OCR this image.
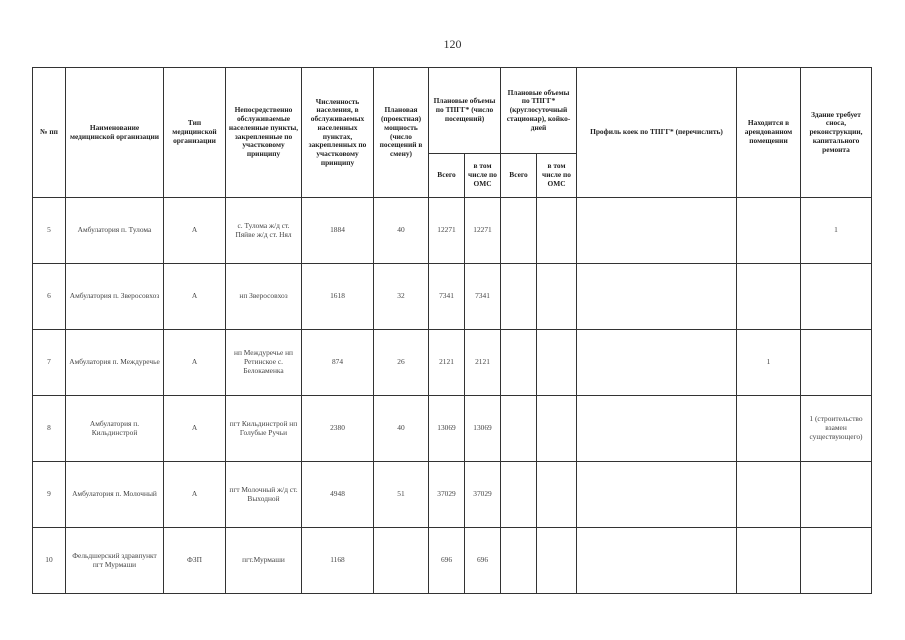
120
№ пп	Наименование медицинской организации	Тип медицинской организации	Непосредственно обслуживаемые населенные пункты, закрепленные по участковому принципу	Численность населения, в обслуживаемых населенных пунктах, закрепленных по участковому принципу	Плановая (проектная) мощность (число посещений в смену)	Плановые объемы по ТПГГ* (число посещений)		Плановые объемы по ТПГГ* (круглосуточный стационар), койко-дней		Профиль коек по ТПГГ* (перечислить)	Находится в арендованном помещении	Здание требует сноса, реконструкции, капитального ремонта
						Всего	в том числе по ОМС	Всего	в том числе по ОМС			
5	Амбулатория п. Тулома	А	с. Тулома ж/д ст. Пяйве ж/д ст. Нял	1884	40	12271	12271					1
6	Амбулатория п. Зверосовхоз	А	нп Зверосовхоз	1618	32	7341	7341					
7	Амбулатория п. Междуречье	А	нп Междуречье нп Ретинское с. Белокаменка	874	26	2121	2121				1	
8	Амбулатория п. Кильдинстрой	А	пгт Кильдинстрой нп Голубые Ручьи	2380	40	13069	13069					1 (строительство взамен существующего)
9	Амбулатория п. Молочный	А	пгт Молочный ж/д ст. Выходной	4948	51	37029	37029					
10	Фельдшерский здравпункт пгт Мурмаши	ФЗП	пгт.Мурмаши	1168		696	696					
